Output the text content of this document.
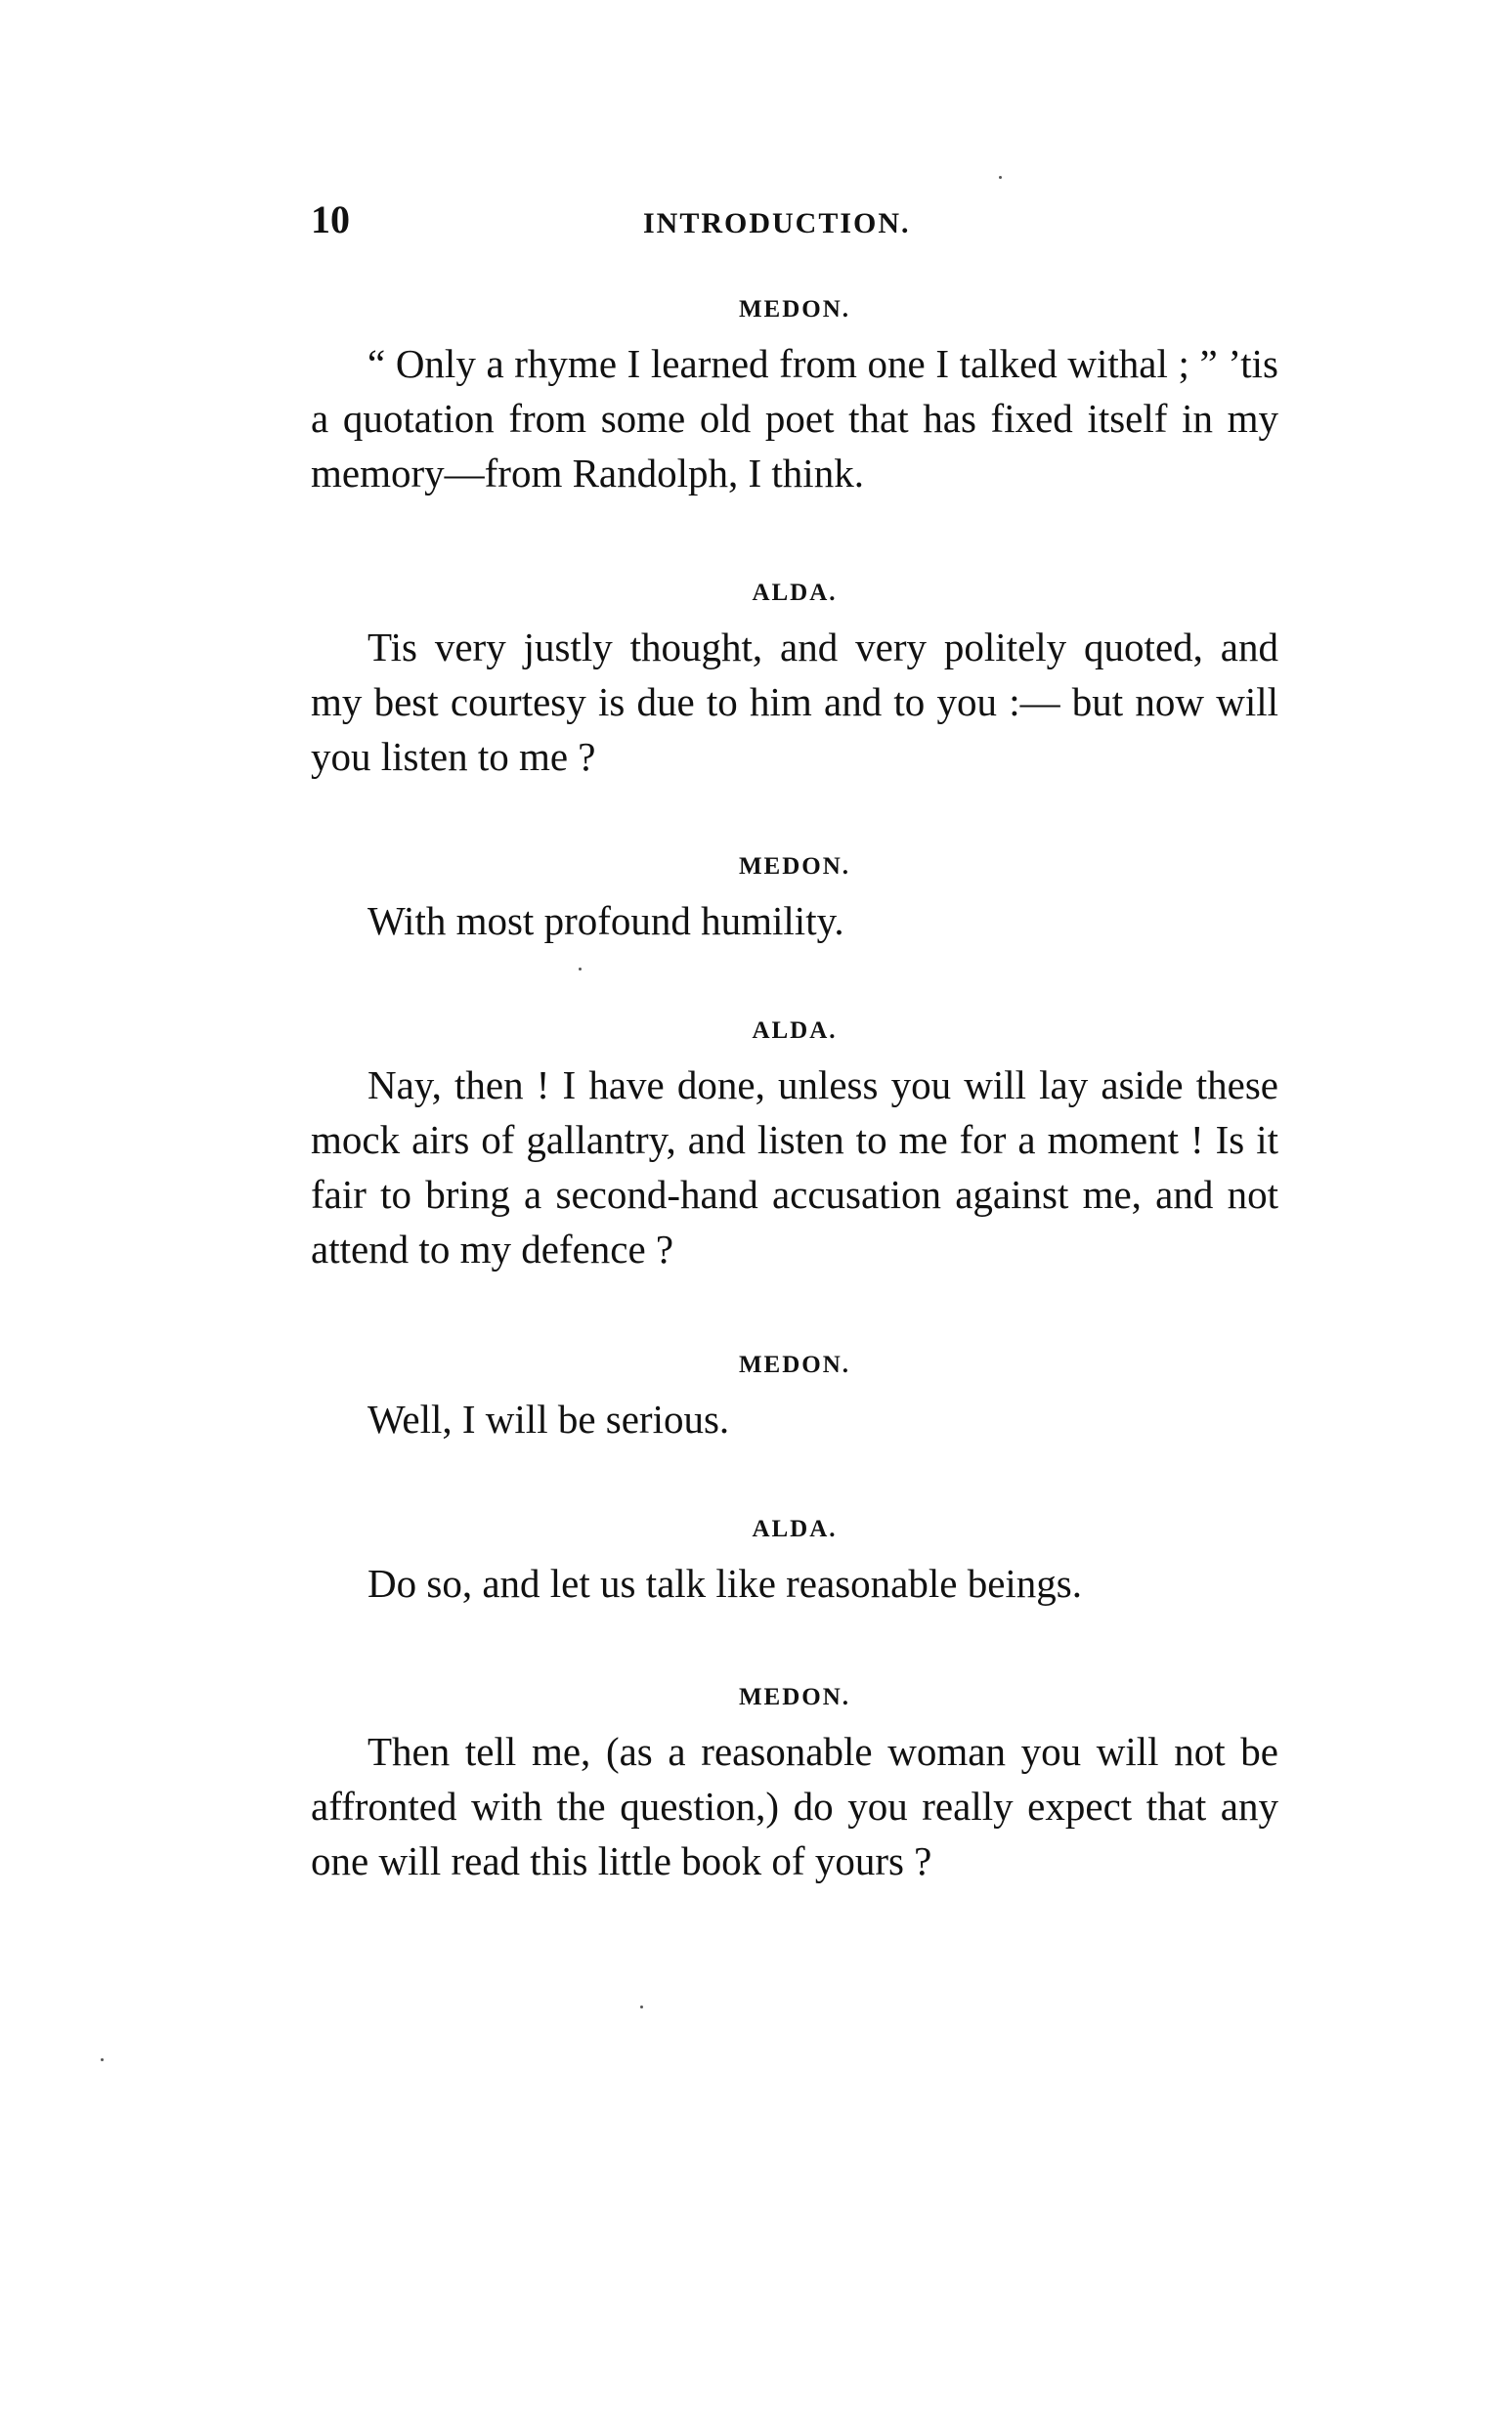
10	INTRODUCTION.
MEDON.

“ Only a rhyme I learned from one I talked withal ; ” ’tis a quotation from some old poet that has fixed itself in my memory—from Randolph, I think.

ALDA.

Tis very justly thought, and very politely quoted, and my best courtesy is due to him and to you :— but now will you listen to me ?

MEDON.

With most profound humility.

ALDA.

Nay, then ! I have done, unless you will lay aside these mock airs of gallantry, and listen to me for a moment ! Is it fair to bring a second-hand accusation against me, and not attend to my defence ?

MEDON.

Well, I will be serious.

ALDA.

Do so, and let us talk like reasonable beings.

MEDON.

Then tell me, (as a reasonable woman you will not be affronted with the question,) do you really expect that any one will read this little book of yours ?
